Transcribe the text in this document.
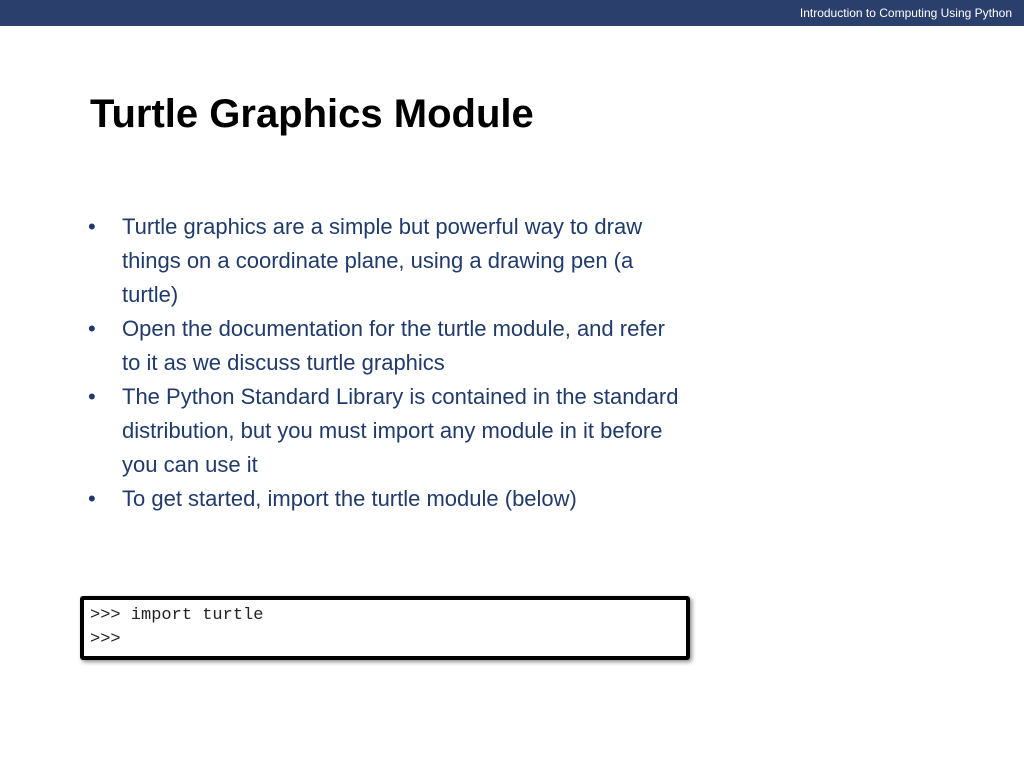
Introduction to Computing Using Python
Turtle Graphics Module
•	Turtle graphics are a simple but powerful way to draw things on a coordinate plane, using a drawing pen (a turtle)
•	Open the documentation for the turtle module, and refer to it as we discuss turtle graphics
•	The Python Standard Library is contained in the standard distribution, but you must import any module in it before you can use it
•	To get started, import the turtle module (below)
>>> import turtle
>>>
